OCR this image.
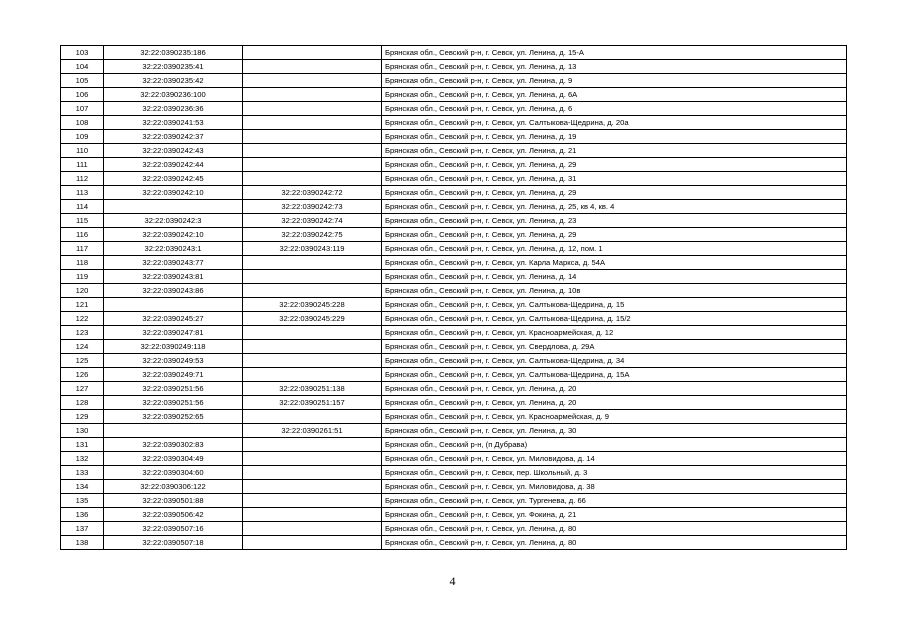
103	32:22:0390235:186		Брянская обл., Севский р-н, г. Севск, ул. Ленина, д. 15-А
104	32:22:0390235:41		Брянская обл., Севский р-н, г. Севск, ул. Ленина, д. 13
105	32:22:0390235:42		Брянская обл., Севский р-н, г. Севск, ул. Ленина, д. 9
106	32:22:0390236:100		Брянская обл., Севский р-н, г. Севск, ул. Ленина, д. 6А
107	32:22:0390236:36		Брянская обл., Севский р-н, г. Севск, ул. Ленина, д. 6
108	32:22:0390241:53		Брянская обл., Севский р-н, г. Севск, ул. Салтыкова-Щедрина, д. 20а
109	32:22:0390242:37		Брянская обл., Севский р-н, г. Севск, ул. Ленина, д. 19
110	32:22:0390242:43		Брянская обл., Севский р-н, г. Севск, ул. Ленина, д. 21
111	32:22:0390242:44		Брянская обл., Севский р-н, г. Севск, ул. Ленина, д. 29
112	32:22:0390242:45		Брянская обл., Севский р-н, г. Севск, ул. Ленина, д. 31
113	32:22:0390242:10	32:22:0390242:72	Брянская обл., Севский р-н, г. Севск, ул. Ленина, д. 29
114		32:22:0390242:73	Брянская обл., Севский р-н, г. Севск, ул. Ленина, д. 25, кв 4, кв. 4
115	32:22:0390242:3	32:22:0390242:74	Брянская обл., Севский р-н, г. Севск, ул. Ленина, д. 23
116	32:22:0390242:10	32:22:0390242:75	Брянская обл., Севский р-н, г. Севск, ул. Ленина, д. 29
117	32:22:0390243:1	32:22:0390243:119	Брянская обл., Севский р-н, г. Севск, ул. Ленина, д. 12, пом. 1
118	32:22:0390243:77		Брянская обл., Севский р-н, г. Севск, ул. Карла Маркса, д. 54А
119	32:22:0390243:81		Брянская обл., Севский р-н, г. Севск, ул. Ленина, д. 14
120	32:22:0390243:86		Брянская обл., Севский р-н, г. Севск, ул. Ленина, д. 10в
121		32:22:0390245:228	Брянская обл., Севский р-н, г. Севск, ул. Салтыкова-Щедрина, д. 15
122	32:22:0390245:27	32:22:0390245:229	Брянская обл., Севский р-н, г. Севск, ул. Салтыкова-Щедрина, д. 15/2
123	32:22:0390247:81		Брянская обл., Севский р-н, г. Севск, ул. Красноармейская, д. 12
124	32:22:0390249:118		Брянская обл., Севский р-н, г. Севск, ул. Свердлова, д. 29А
125	32:22:0390249:53		Брянская обл., Севский р-н, г. Севск, ул. Салтыкова-Щедрина, д. 34
126	32:22:0390249:71		Брянская обл., Севский р-н, г. Севск, ул. Салтыкова-Щедрина, д. 15А
127	32:22:0390251:56	32:22:0390251:138	Брянская обл., Севский р-н, г. Севск, ул. Ленина, д. 20
128	32:22:0390251:56	32:22:0390251:157	Брянская обл., Севский р-н, г. Севск, ул. Ленина, д. 20
129	32:22:0390252:65		Брянская обл., Севский р-н, г. Севск, ул. Красноармейская, д. 9
130		32:22:0390261:51	Брянская обл., Севский р-н, г. Севск, ул. Ленина, д. 30
131	32:22:0390302:83		Брянская обл., Севский р-н, (п Дубрава)
132	32:22:0390304:49		Брянская обл., Севский р-н, г. Севск, ул. Миловидова, д. 14
133	32:22:0390304:60		Брянская обл., Севский р-н, г. Севск, пер. Школьный, д. 3
134	32:22:0390306:122		Брянская обл., Севский р-н, г. Севск, ул. Миловидова, д. 38
135	32:22:0390501:88		Брянская обл., Севский р-н, г. Севск, ул. Тургенева, д. 66
136	32:22:0390506:42		Брянская обл., Севский р-н, г. Севск, ул. Фокина, д. 21
137	32:22:0390507:16		Брянская обл., Севский р-н, г. Севск, ул. Ленина, д. 80
138	32:22:0390507:18		Брянская обл., Севский р-н, г. Севск, ул. Ленина, д. 80
4
